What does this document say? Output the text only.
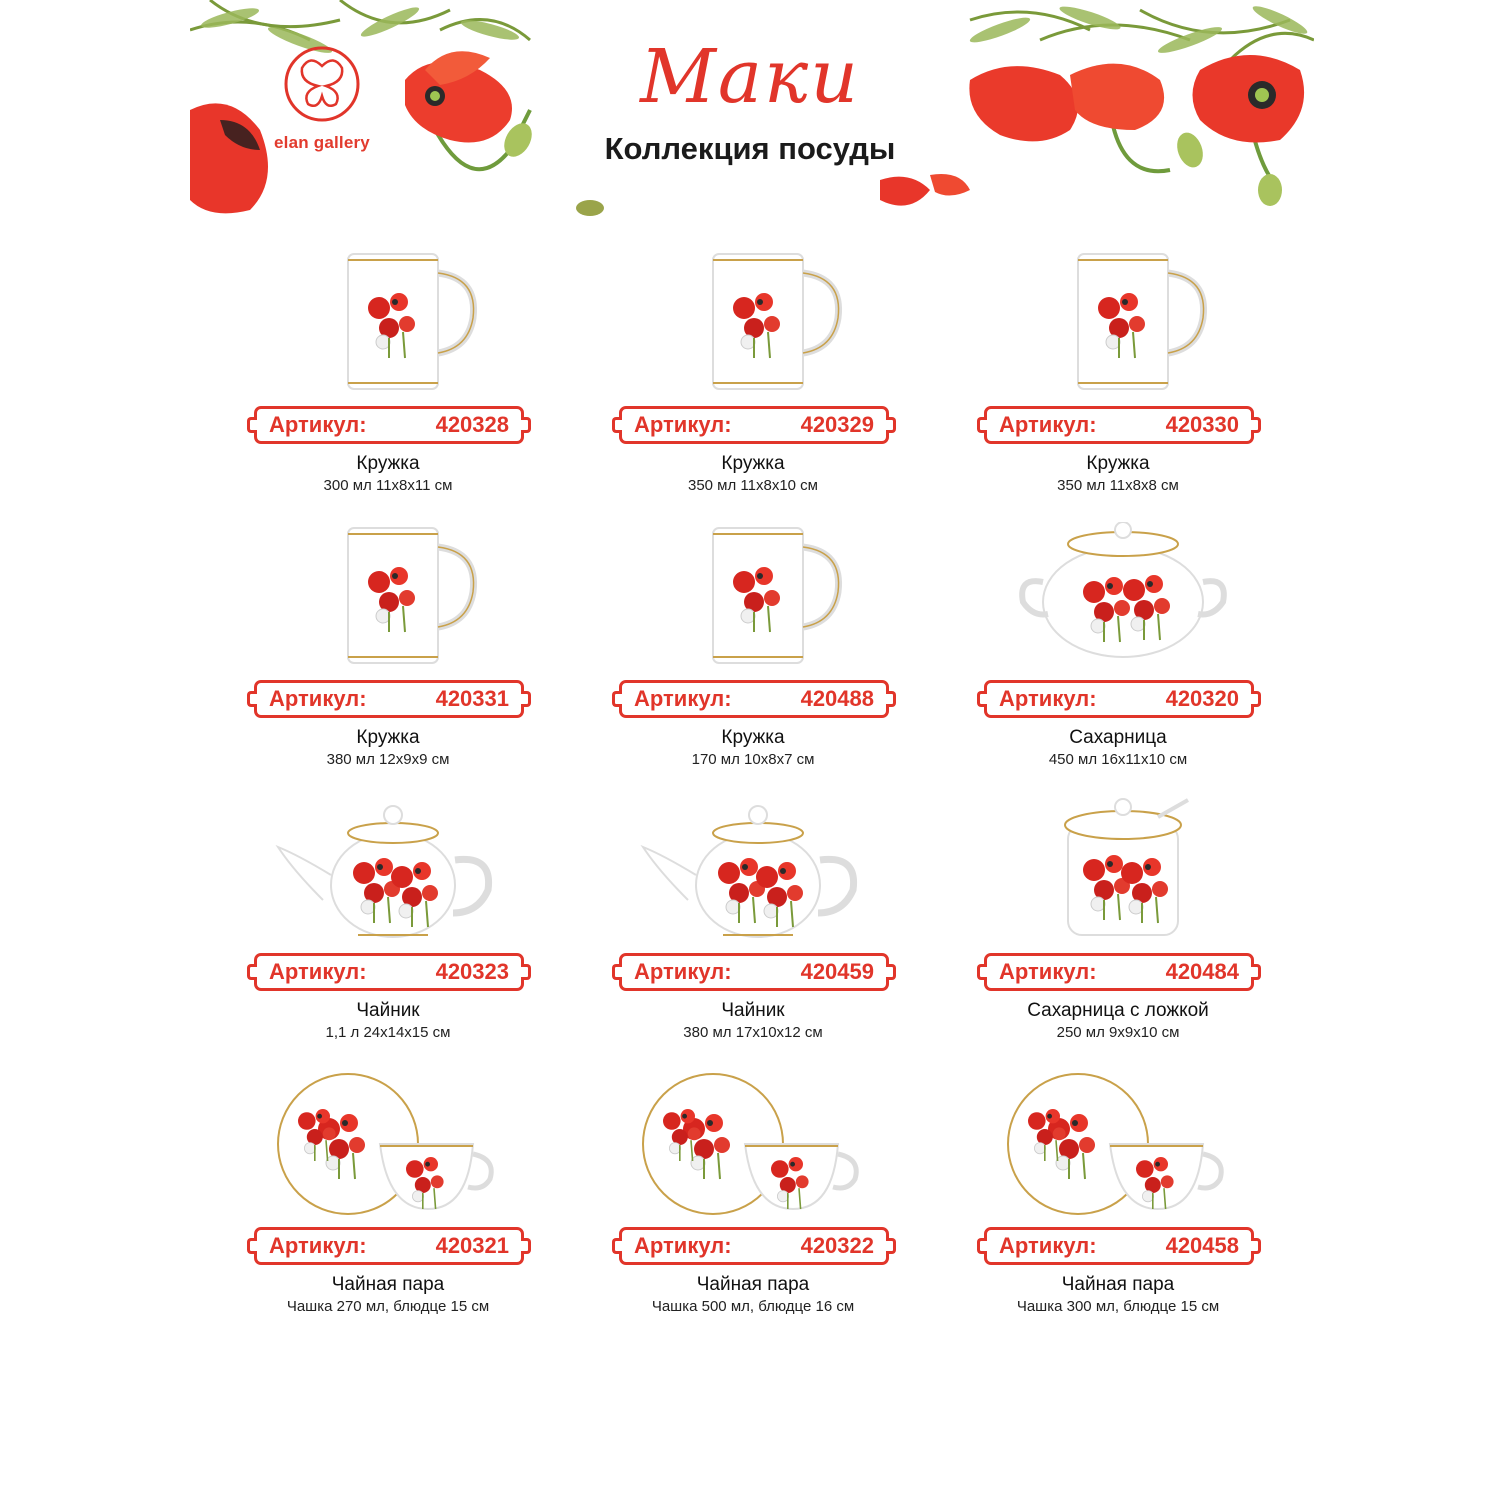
elan gallery
Маки
Коллекция посуды
Артикул:	420328
Кружка
300 мл 11x8x11 см
Артикул:	420329
Кружка
350 мл 11x8x10 см
Артикул:	420330
Кружка
350 мл 11x8x8 см
Артикул:	420331
Кружка
380 мл 12x9x9 см
Артикул:	420488
Кружка
170 мл 10x8x7 см
Артикул:	420320
Сахарница
450 мл 16x11x10 см
Артикул:	420323
Чайник
1,1 л 24x14x15 см
Артикул:	420459
Чайник
380 мл 17x10x12 см
Артикул:	420484
Сахарница с ложкой
250 мл 9x9x10 см
Артикул:	420321
Чайная пара
Чашка 270 мл, блюдце 15 см
Артикул:	420322
Чайная пара
Чашка 500 мл, блюдце 16 см
Артикул:	420458
Чайная пара
Чашка 300 мл, блюдце 15 см
